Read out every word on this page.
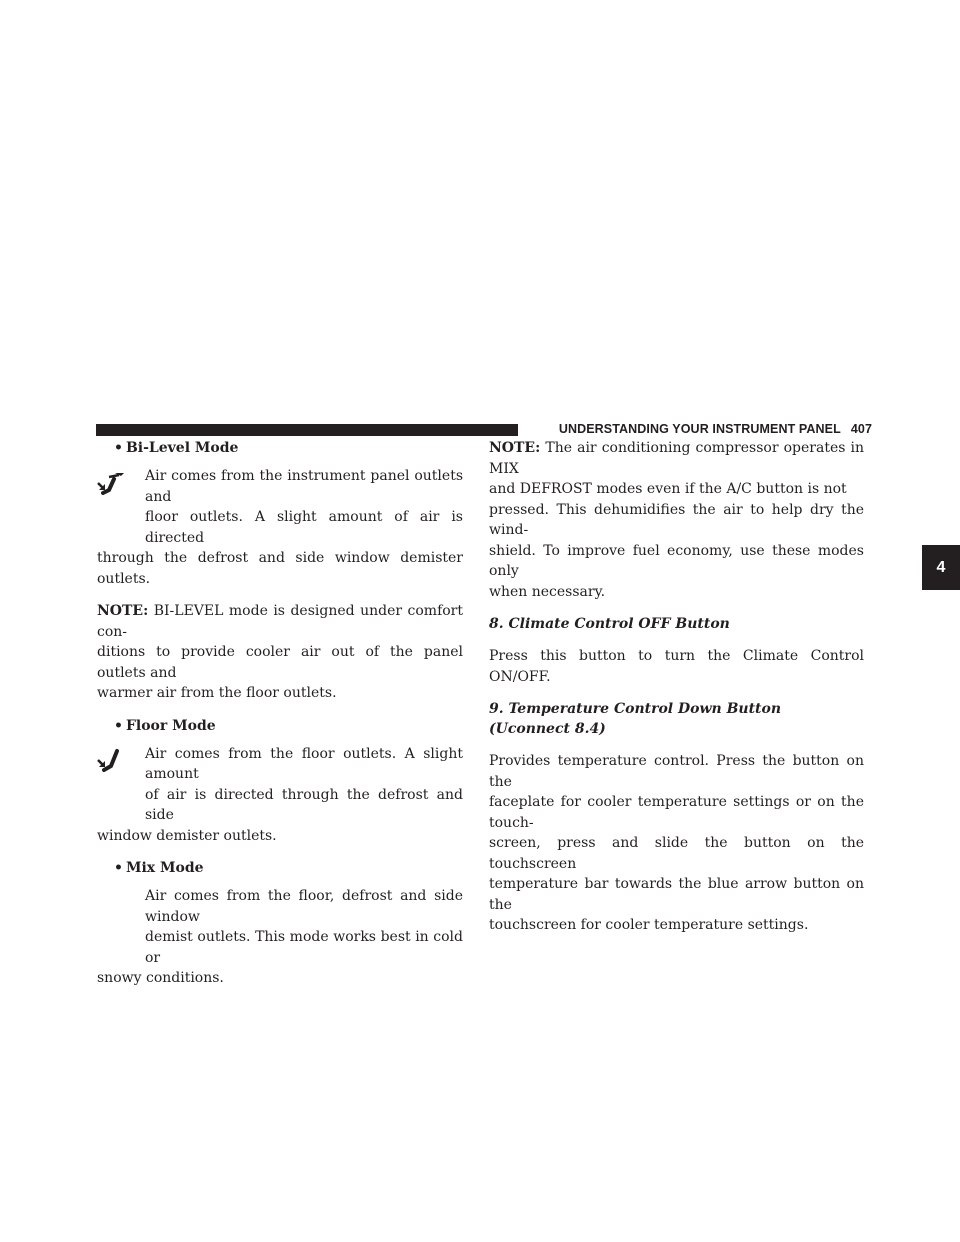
UNDERSTANDING YOUR INSTRUMENT PANEL 407
4
• Bi-Level Mode

Air comes from the instrument panel outlets and

floor outlets. A slight amount of air is directed

through the defrost and side window demister outlets.

NOTE: BI-LEVEL mode is designed under comfort con-

ditions to provide cooler air out of the panel outlets and

warmer air from the floor outlets.

• Floor Mode

Air comes from the floor outlets. A slight amount

of air is directed through the defrost and side

window demister outlets.

• Mix Mode

Air comes from the floor, defrost and side window

demist outlets. This mode works best in cold or

snowy conditions.

NOTE: The air conditioning compressor operates in MIX

and DEFROST modes even if the A/C button is not

pressed. This dehumidifies the air to help dry the wind-

shield. To improve fuel economy, use these modes only

when necessary.

8. Climate Control OFF Button

Press this button to turn the Climate Control ON/OFF.

9. Temperature Control Down Button (Uconnect 8.4)

Provides temperature control. Press the button on the

faceplate for cooler temperature settings or on the touch-

screen, press and slide the button on the touchscreen

temperature bar towards the blue arrow button on the

touchscreen for cooler temperature settings.
